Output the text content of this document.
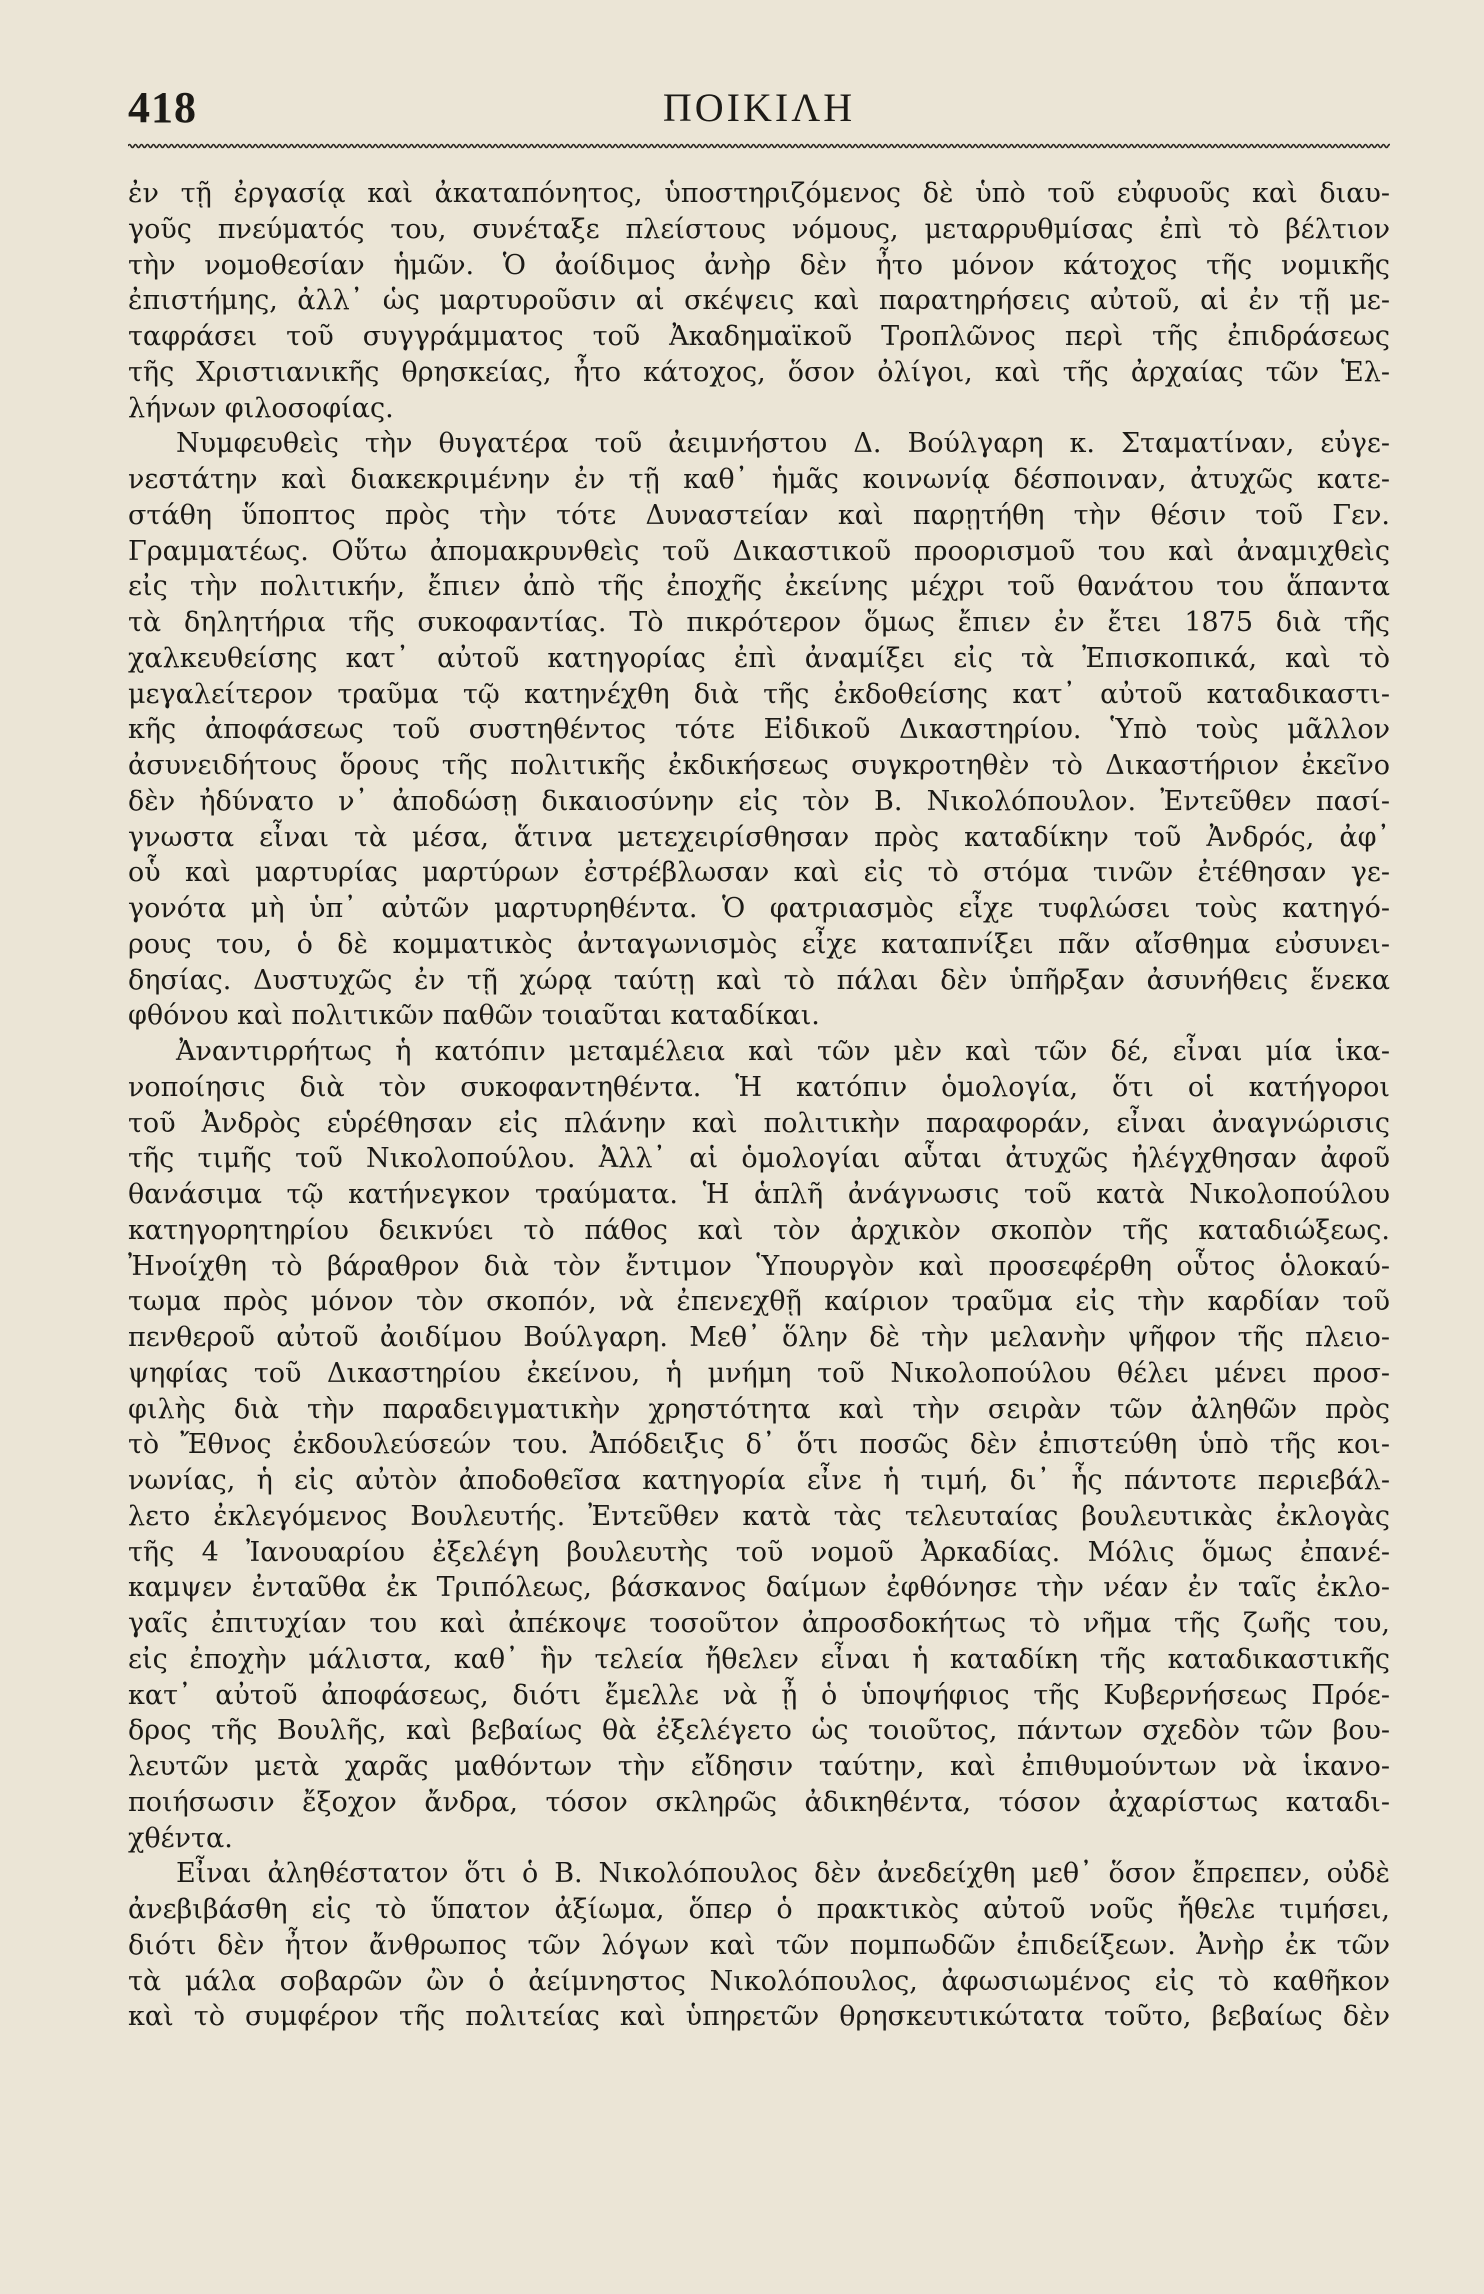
418	ΠΟΙΚΙΛΗ
ἐν τῇ ἐργασίᾳ καὶ ἀκαταπόνητος, ὑποστηριζόμενος δὲ ὑπὸ τοῦ εὐφυοῦς καὶ διαυ-
γοῦς πνεύματός του, συνέταξε πλείστους νόμους, μεταρρυθμίσας ἐπὶ τὸ βέλτιον
τὴν νομοθεσίαν ἡμῶν. Ὁ ἀοίδιμος ἀνὴρ δὲν ἦτο μόνον κάτοχος τῆς νομικῆς
ἐπιστήμης, ἀλλ᾽ ὡς μαρτυροῦσιν αἱ σκέψεις καὶ παρατηρήσεις αὐτοῦ, αἱ ἐν τῇ με-
ταφράσει τοῦ συγγράμματος τοῦ Ἀκαδημαϊκοῦ Τροπλῶνος περὶ τῆς ἐπιδράσεως
τῆς Χριστιανικῆς θρησκείας, ἦτο κάτοχος, ὅσον ὀλίγοι, καὶ τῆς ἀρχαίας τῶν Ἑλ-
λήνων φιλοσοφίας.
Νυμφευθεὶς τὴν θυγατέρα τοῦ ἀειμνήστου Δ. Βούλγαρη κ. Σταματίναν, εὐγε-
νεστάτην καὶ διακεκριμένην ἐν τῇ καθ᾽ ἡμᾶς κοινωνίᾳ δέσποιναν, ἀτυχῶς κατε-
στάθη ὕποπτος πρὸς τὴν τότε Δυναστείαν καὶ παρῃτήθη τὴν θέσιν τοῦ Γεν.
Γραμματέως. Οὕτω ἀπομακρυνθεὶς τοῦ Δικαστικοῦ προορισμοῦ του καὶ ἀναμιχθεὶς
εἰς τὴν πολιτικήν, ἔπιεν ἀπὸ τῆς ἐποχῆς ἐκείνης μέχρι τοῦ θανάτου του ἅπαντα
τὰ δηλητήρια τῆς συκοφαντίας. Τὸ πικρότερον ὅμως ἔπιεν ἐν ἔτει 1875 διὰ τῆς
χαλκευθείσης κατ᾽ αὐτοῦ κατηγορίας ἐπὶ ἀναμίξει εἰς τὰ Ἐπισκοπικά, καὶ τὸ
μεγαλείτερον τραῦμα τῷ κατηνέχθη διὰ τῆς ἐκδοθείσης κατ᾽ αὐτοῦ καταδικαστι-
κῆς ἀποφάσεως τοῦ συστηθέντος τότε Εἰδικοῦ Δικαστηρίου. Ὑπὸ τοὺς μᾶλλον
ἀσυνειδήτους ὅρους τῆς πολιτικῆς ἐκδικήσεως συγκροτηθὲν τὸ Δικαστήριον ἐκεῖνο
δὲν ἠδύνατο ν᾽ ἀποδώσῃ δικαιοσύνην εἰς τὸν Β. Νικολόπουλον. Ἐντεῦθεν πασί-
γνωστα εἶναι τὰ μέσα, ἅτινα μετεχειρίσθησαν πρὸς καταδίκην τοῦ Ἀνδρός, ἀφ᾽
οὗ καὶ μαρτυρίας μαρτύρων ἐστρέβλωσαν καὶ εἰς τὸ στόμα τινῶν ἐτέθησαν γε-
γονότα μὴ ὑπ᾽ αὐτῶν μαρτυρηθέντα. Ὁ φατριασμὸς εἶχε τυφλώσει τοὺς κατηγό-
ρους του, ὁ δὲ κομματικὸς ἀνταγωνισμὸς εἶχε καταπνίξει πᾶν αἴσθημα εὐσυνει-
δησίας. Δυστυχῶς ἐν τῇ χώρᾳ ταύτῃ καὶ τὸ πάλαι δὲν ὑπῆρξαν ἀσυνήθεις ἕνεκα
φθόνου καὶ πολιτικῶν παθῶν τοιαῦται καταδίκαι.
Ἀναντιρρήτως ἡ κατόπιν μεταμέλεια καὶ τῶν μὲν καὶ τῶν δέ, εἶναι μία ἱκα-
νοποίησις διὰ τὸν συκοφαντηθέντα. Ἡ κατόπιν ὁμολογία, ὅτι οἱ κατήγοροι
τοῦ Ἀνδρὸς εὑρέθησαν εἰς πλάνην καὶ πολιτικὴν παραφοράν, εἶναι ἀναγνώρισις
τῆς τιμῆς τοῦ Νικολοπούλου. Ἀλλ᾽ αἱ ὁμολογίαι αὗται ἀτυχῶς ἠλέγχθησαν ἀφοῦ
θανάσιμα τῷ κατήνεγκον τραύματα. Ἡ ἁπλῆ ἀνάγνωσις τοῦ κατὰ Νικολοπούλου
κατηγορητηρίου δεικνύει τὸ πάθος καὶ τὸν ἀρχικὸν σκοπὸν τῆς καταδιώξεως.
Ἠνοίχθη τὸ βάραθρον διὰ τὸν ἔντιμον Ὑπουργὸν καὶ προσεφέρθη οὗτος ὁλοκαύ-
τωμα πρὸς μόνον τὸν σκοπόν, νὰ ἐπενεχθῇ καίριον τραῦμα εἰς τὴν καρδίαν τοῦ
πενθεροῦ αὐτοῦ ἀοιδίμου Βούλγαρη. Μεθ᾽ ὅλην δὲ τὴν μελανὴν ψῆφον τῆς πλειο-
ψηφίας τοῦ Δικαστηρίου ἐκείνου, ἡ μνήμη τοῦ Νικολοπούλου θέλει μένει προσ-
φιλὴς διὰ τὴν παραδειγματικὴν χρηστότητα καὶ τὴν σειρὰν τῶν ἀληθῶν πρὸς
τὸ Ἔθνος ἐκδουλεύσεών του. Ἀπόδειξις δ᾽ ὅτι ποσῶς δὲν ἐπιστεύθη ὑπὸ τῆς κοι-
νωνίας, ἡ εἰς αὐτὸν ἀποδοθεῖσα κατηγορία εἶνε ἡ τιμή, δι᾽ ἧς πάντοτε περιεβάλ-
λετο ἐκλεγόμενος Βουλευτής. Ἐντεῦθεν κατὰ τὰς τελευταίας βουλευτικὰς ἐκλογὰς
τῆς 4 Ἰανουαρίου ἐξελέγη βουλευτὴς τοῦ νομοῦ Ἀρκαδίας. Μόλις ὅμως ἐπανέ-
καμψεν ἐνταῦθα ἐκ Τριπόλεως, βάσκανος δαίμων ἐφθόνησε τὴν νέαν ἐν ταῖς ἐκλο-
γαῖς ἐπιτυχίαν του καὶ ἀπέκοψε τοσοῦτον ἀπροσδοκήτως τὸ νῆμα τῆς ζωῆς του,
εἰς ἐποχὴν μάλιστα, καθ᾽ ἣν τελεία ἤθελεν εἶναι ἡ καταδίκη τῆς καταδικαστικῆς
κατ᾽ αὐτοῦ ἀποφάσεως, διότι ἔμελλε νὰ ᾖ ὁ ὑποψήφιος τῆς Κυβερνήσεως Πρόε-
δρος τῆς Βουλῆς, καὶ βεβαίως θὰ ἐξελέγετο ὡς τοιοῦτος, πάντων σχεδὸν τῶν βου-
λευτῶν μετὰ χαρᾶς μαθόντων τὴν εἴδησιν ταύτην, καὶ ἐπιθυμούντων νὰ ἱκανο-
ποιήσωσιν ἔξοχον ἄνδρα, τόσον σκληρῶς ἀδικηθέντα, τόσον ἀχαρίστως καταδι-
χθέντα.
Εἶναι ἀληθέστατον ὅτι ὁ Β. Νικολόπουλος δὲν ἀνεδείχθη μεθ᾽ ὅσον ἔπρεπεν, οὐδὲ
ἀνεβιβάσθη εἰς τὸ ὕπατον ἀξίωμα, ὅπερ ὁ πρακτικὸς αὐτοῦ νοῦς ἤθελε τιμήσει,
διότι δὲν ἦτον ἄνθρωπος τῶν λόγων καὶ τῶν πομπωδῶν ἐπιδείξεων. Ἀνὴρ ἐκ τῶν
τὰ μάλα σοβαρῶν ὢν ὁ ἀείμνηστος Νικολόπουλος, ἀφωσιωμένος εἰς τὸ καθῆκον
καὶ τὸ συμφέρον τῆς πολιτείας καὶ ὑπηρετῶν θρησκευτικώτατα τοῦτο, βεβαίως δὲν
